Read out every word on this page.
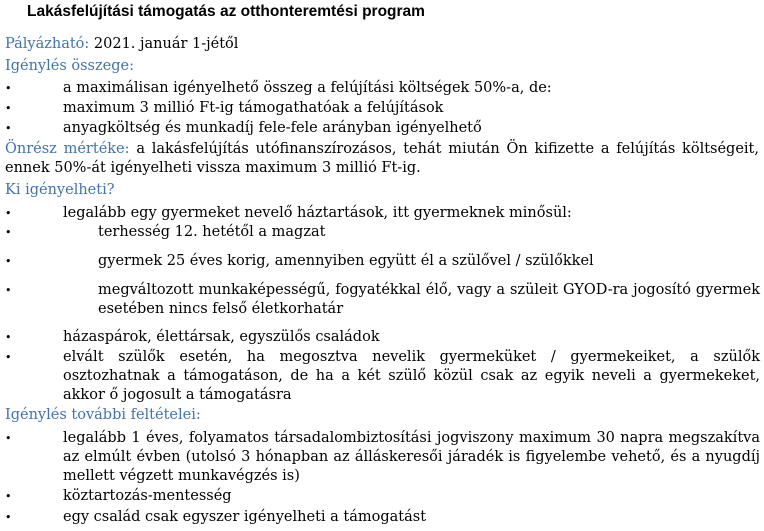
Lakásfelújítási támogatás az otthonteremtési program
Pályázható: 2021. január 1-jétől
Igénylés összege:
•	a maximálisan igényelhető összeg a felújítási költségek 50%-a, de:
•	maximum 3 millió Ft-ig támogathatóak a felújítások
•	anyagköltség és munkadíj fele-fele arányban igényelhető
Önrész mértéke: a lakásfelújítás utófinanszírozásos, tehát miután Ön kifizette a felújítás költségeit, ennek 50%-át igényelheti vissza maximum 3 millió Ft-ig.
Ki igényelheti?
•	legalább egy gyermeket nevelő háztartások, itt gyermeknek minősül:
•	terhesség 12. hetétől a magzat
•	gyermek 25 éves korig, amennyiben együtt él a szülővel / szülőkkel
•	megváltozott munkaképességű, fogyatékkal élő, vagy a szüleit GYOD-ra jogosító gyermek esetében nincs felső életkorhatár
•	házaspárok, élettársak, egyszülős családok
•	elvált szülők esetén, ha megosztva nevelik gyermeküket / gyermekeiket, a szülők osztozhatnak a támogatáson, de ha a két szülő közül csak az egyik neveli a gyermekeket, akkor ő jogosult a támogatásra
Igénylés további feltételei:
•	legalább 1 éves, folyamatos társadalombiztosítási jogviszony maximum 30 napra megszakítva az elmúlt évben (utolsó 3 hónapban az álláskeresői járadék is figyelembe vehető, és a nyugdíj mellett végzett munkavégzés is)
•	köztartozás-mentesség
•	egy család csak egyszer igényelheti a támogatást
